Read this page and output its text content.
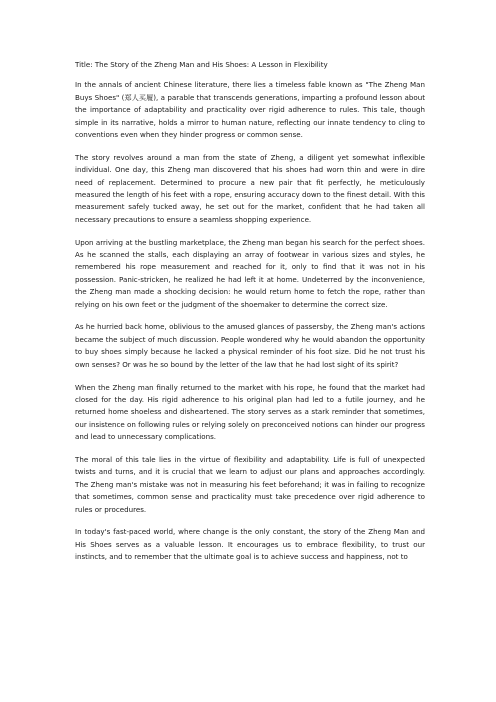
Title: The Story of the Zheng Man and His Shoes: A Lesson in Flexibility

In the annals of ancient Chinese literature, there lies a timeless fable known as "The Zheng Man Buys Shoes" (郑人买履), a parable that transcends generations, imparting a profound lesson about the importance of adaptability and practicality over rigid adherence to rules. This tale, though simple in its narrative, holds a mirror to human nature, reflecting our innate tendency to cling to conventions even when they hinder progress or common sense.

The story revolves around a man from the state of Zheng, a diligent yet somewhat inflexible individual. One day, this Zheng man discovered that his shoes had worn thin and were in dire need of replacement. Determined to procure a new pair that fit perfectly, he meticulously measured the length of his feet with a rope, ensuring accuracy down to the finest detail. With this measurement safely tucked away, he set out for the market, confident that he had taken all necessary precautions to ensure a seamless shopping experience.

Upon arriving at the bustling marketplace, the Zheng man began his search for the perfect shoes. As he scanned the stalls, each displaying an array of footwear in various sizes and styles, he remembered his rope measurement and reached for it, only to find that it was not in his possession. Panic-stricken, he realized he had left it at home. Undeterred by the inconvenience, the Zheng man made a shocking decision: he would return home to fetch the rope, rather than relying on his own feet or the judgment of the shoemaker to determine the correct size.

As he hurried back home, oblivious to the amused glances of passersby, the Zheng man's actions became the subject of much discussion. People wondered why he would abandon the opportunity to buy shoes simply because he lacked a physical reminder of his foot size. Did he not trust his own senses? Or was he so bound by the letter of the law that he had lost sight of its spirit?

When the Zheng man finally returned to the market with his rope, he found that the market had closed for the day. His rigid adherence to his original plan had led to a futile journey, and he returned home shoeless and disheartened. The story serves as a stark reminder that sometimes, our insistence on following rules or relying solely on preconceived notions can hinder our progress and lead to unnecessary complications.

The moral of this tale lies in the virtue of flexibility and adaptability. Life is full of unexpected twists and turns, and it is crucial that we learn to adjust our plans and approaches accordingly. The Zheng man's mistake was not in measuring his feet beforehand; it was in failing to recognize that sometimes, common sense and practicality must take precedence over rigid adherence to rules or procedures.

In today's fast-paced world, where change is the only constant, the story of the Zheng Man and His Shoes serves as a valuable lesson. It encourages us to embrace flexibility, to trust our instincts, and to remember that the ultimate goal is to achieve success and happiness, not to
